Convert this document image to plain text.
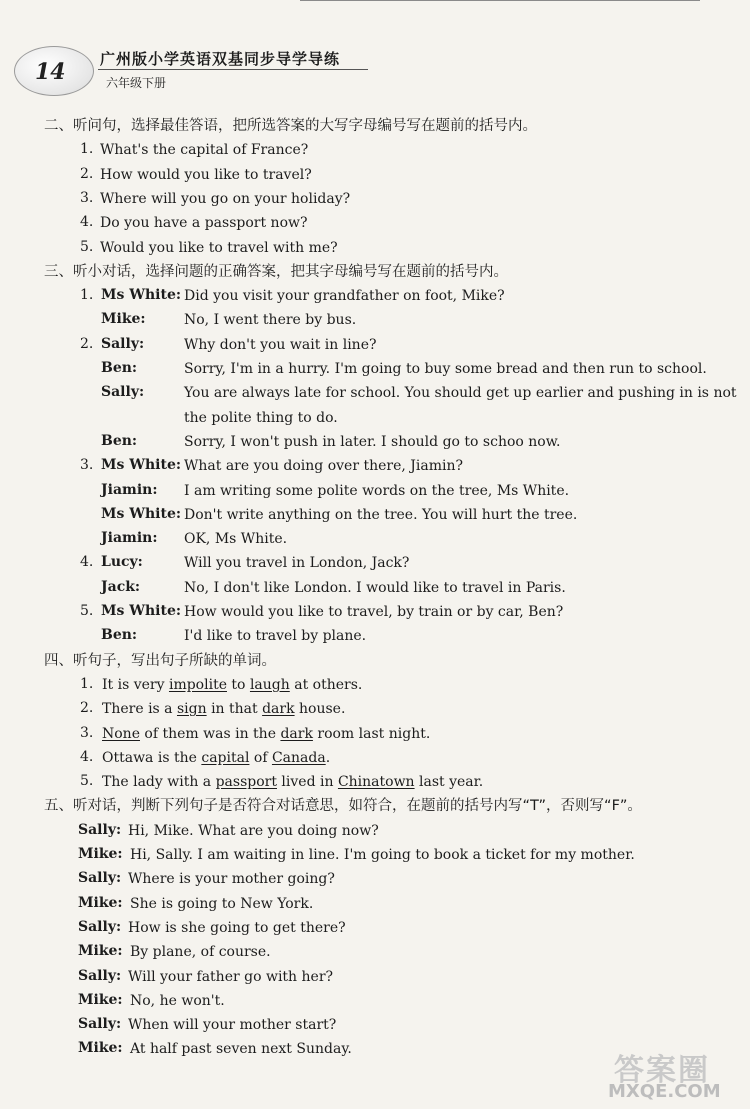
14 广州版小学英语双基同步导学导练
六年级下册
二、听问句，选择最佳答语，把所选答案的大写字母编号写在题前的括号内。
1. What's the capital of France?
2. How would you like to travel?
3. Where will you go on your holiday?
4. Do you have a passport now?
5. Would you like to travel with me?
三、听小对话，选择问题的正确答案，把其字母编号写在题前的括号内。
1. Ms White: Did you visit your grandfather on foot, Mike?
Mike:	No, I went there by bus.
2. Sally:	Why don't you wait in line?
Ben:	Sorry, I'm in a hurry. I'm going to buy some bread and then run to school.
Sally:	You are always late for school. You should get up earlier and pushing in is not
the polite thing to do.
Ben:	Sorry, I won't push in later. I should go to schoo now.
3. Ms White: What are you doing over there, Jiamin?
Jiamin: I am writing some polite words on the tree, Ms White.
Ms White: Don't write anything on the tree. You will hurt the tree.
Jiamin: OK, Ms White.
4. Lucy:	Will you travel in London, Jack?
Jack:	No, I don't like London. I would like to travel in Paris.
5. Ms White: How would you like to travel, by train or by car, Ben?
Ben:	I'd like to travel by plane.
四、听句子，写出句子所缺的单词。
1. It is very impolite to laugh at others.
2. There is a sign in that dark house.
3. None of them was in the dark room last night.
4. Ottawa is the capital of Canada.
5. The lady with a passport lived in Chinatown last year.
五、听对话，判断下列句子是否符合对话意思，如符合，在题前的括号内写“T”，否则写“F”。
Sally: Hi, Mike. What are you doing now?
Mike: Hi, Sally. I am waiting in line. I'm going to book a ticket for my mother.
Sally: Where is your mother going?
Mike: She is going to New York.
Sally: How is she going to get there?
Mike: By plane, of course.
Sally: Will your father go with her?
Mike: No, he won't.
Sally: When will your mother start?
Mike: At half past seven next Sunday.
答案圈
MXQE.COM
